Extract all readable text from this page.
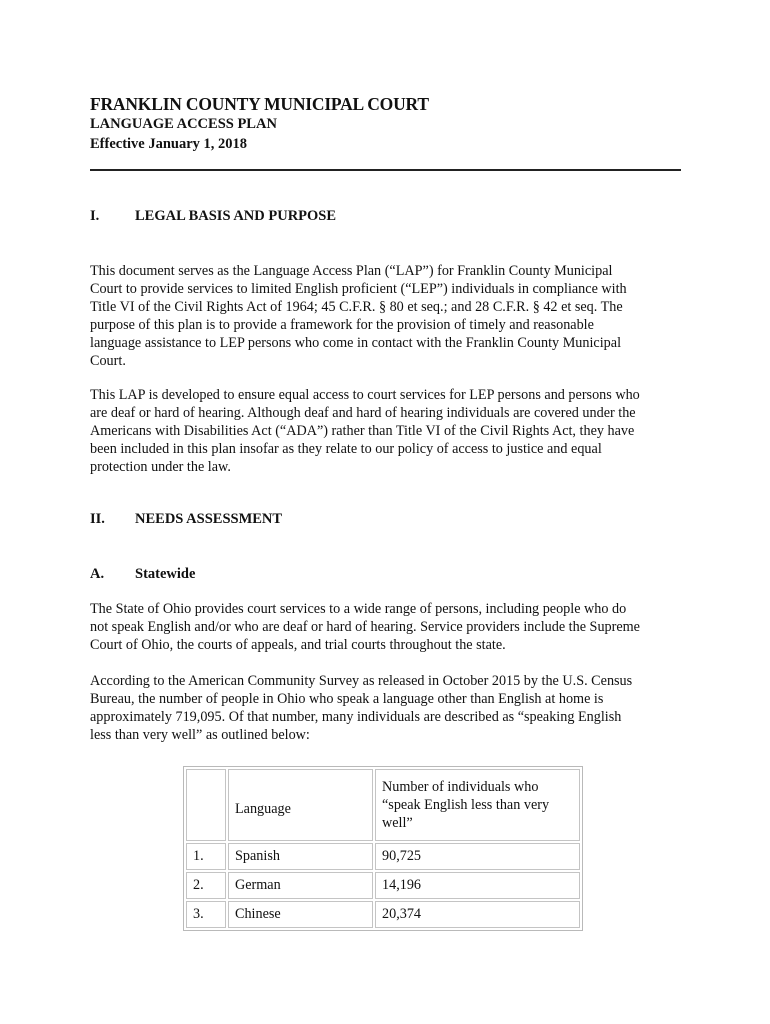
FRANKLIN COUNTY MUNICIPAL COURT
LANGUAGE ACCESS PLAN
Effective January 1, 2018
I. LEGAL BASIS AND PURPOSE

This document serves as the Language Access Plan (“LAP”) for Franklin County Municipal
Court to provide services to limited English proficient (“LEP”) individuals in compliance with
Title VI of the Civil Rights Act of 1964; 45 C.F.R. § 80 et seq.; and 28 C.F.R. § 42 et seq. The
purpose of this plan is to provide a framework for the provision of timely and reasonable
language assistance to LEP persons who come in contact with the Franklin County Municipal
Court.

This LAP is developed to ensure equal access to court services for LEP persons and persons who
are deaf or hard of hearing. Although deaf and hard of hearing individuals are covered under the
Americans with Disabilities Act (“ADA”) rather than Title VI of the Civil Rights Act, they have
been included in this plan insofar as they relate to our policy of access to justice and equal
protection under the law.

II. NEEDS ASSESSMENT
A. Statewide

The State of Ohio provides court services to a wide range of persons, including people who do
not speak English and/or who are deaf or hard of hearing. Service providers include the Supreme
Court of Ohio, the courts of appeals, and trial courts throughout the state.

According to the American Community Survey as released in October 2015 by the U.S. Census
Bureau, the number of people in Ohio who speak a language other than English at home is
approximately 719,095. Of that number, many individuals are described as “speaking English
less than very well” as outlined below:

	Language	Number of individuals who
“speak English less than very
well”

1.	Spanish	90,725
2.	German	14,196
3.	Chinese	20,374
